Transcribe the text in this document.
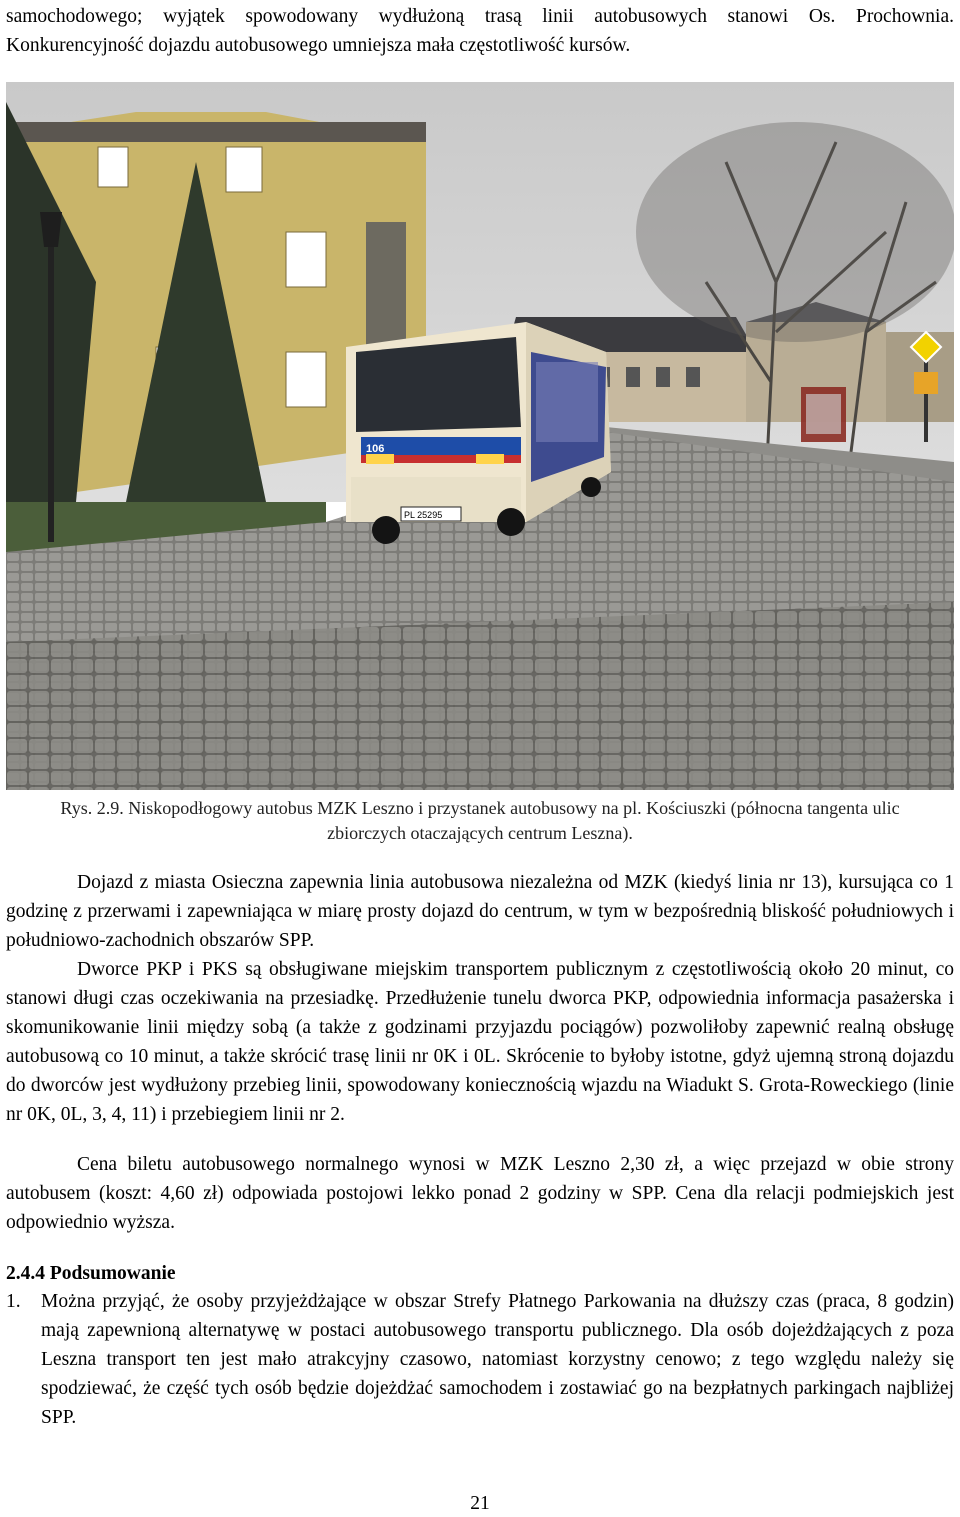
samochodowego; wyjątek spowodowany wydłużoną trasą linii autobusowych stanowi Os. Prochownia. Konkurencyjność dojazdu autobusowego umniejsza mała częstotliwość kursów.

106
PL 25295
Rys. 2.9. Niskopodłogowy autobus MZK Leszno i przystanek autobusowy na pl. Kościuszki (północna tangenta ulic
zbiorczych otaczających centrum Leszna).

Dojazd z miasta Osieczna zapewnia linia autobusowa niezależna od MZK (kiedyś linia nr 13), kursująca co 1 godzinę z przerwami i zapewniająca w miarę prosty dojazd do centrum, w tym w bezpośrednią bliskość południowych i południowo-zachodnich obszarów SPP.

Dworce PKP i PKS są obsługiwane miejskim transportem publicznym z częstotliwością około 20 minut, co stanowi długi czas oczekiwania na przesiadkę. Przedłużenie tunelu dworca PKP, odpowiednia informacja pasażerska i skomunikowanie linii między sobą (a także z godzinami przyjazdu pociągów) pozwoliłoby zapewnić realną obsługę autobusową co 10 minut, a także skrócić trasę linii nr 0K i 0L. Skrócenie to byłoby istotne, gdyż ujemną stroną dojazdu do dworców jest wydłużony przebieg linii, spowodowany koniecznością wjazdu na Wiadukt S. Grota-Roweckiego (linie nr 0K, 0L, 3, 4, 11) i przebiegiem linii nr 2.

Cena biletu autobusowego normalnego wynosi w MZK Leszno 2,30 zł, a więc przejazd w obie strony autobusem (koszt: 4,60 zł) odpowiada postojowi lekko ponad 2 godziny w SPP. Cena dla relacji podmiejskich jest odpowiednio wyższa.

2.4.4 Podsumowanie
1. Można przyjąć, że osoby przyjeżdżające w obszar Strefy Płatnego Parkowania na dłuższy czas (praca, 8 godzin) mają zapewnioną alternatywę w postaci autobusowego transportu publicznego. Dla osób dojeżdżających z poza Leszna transport ten jest mało atrakcyjny czasowo, natomiast korzystny cenowo; z tego względu należy się spodziewać, że część tych osób będzie dojeżdżać samochodem i zostawiać go na bezpłatnych parkingach najbliżej SPP.
21
